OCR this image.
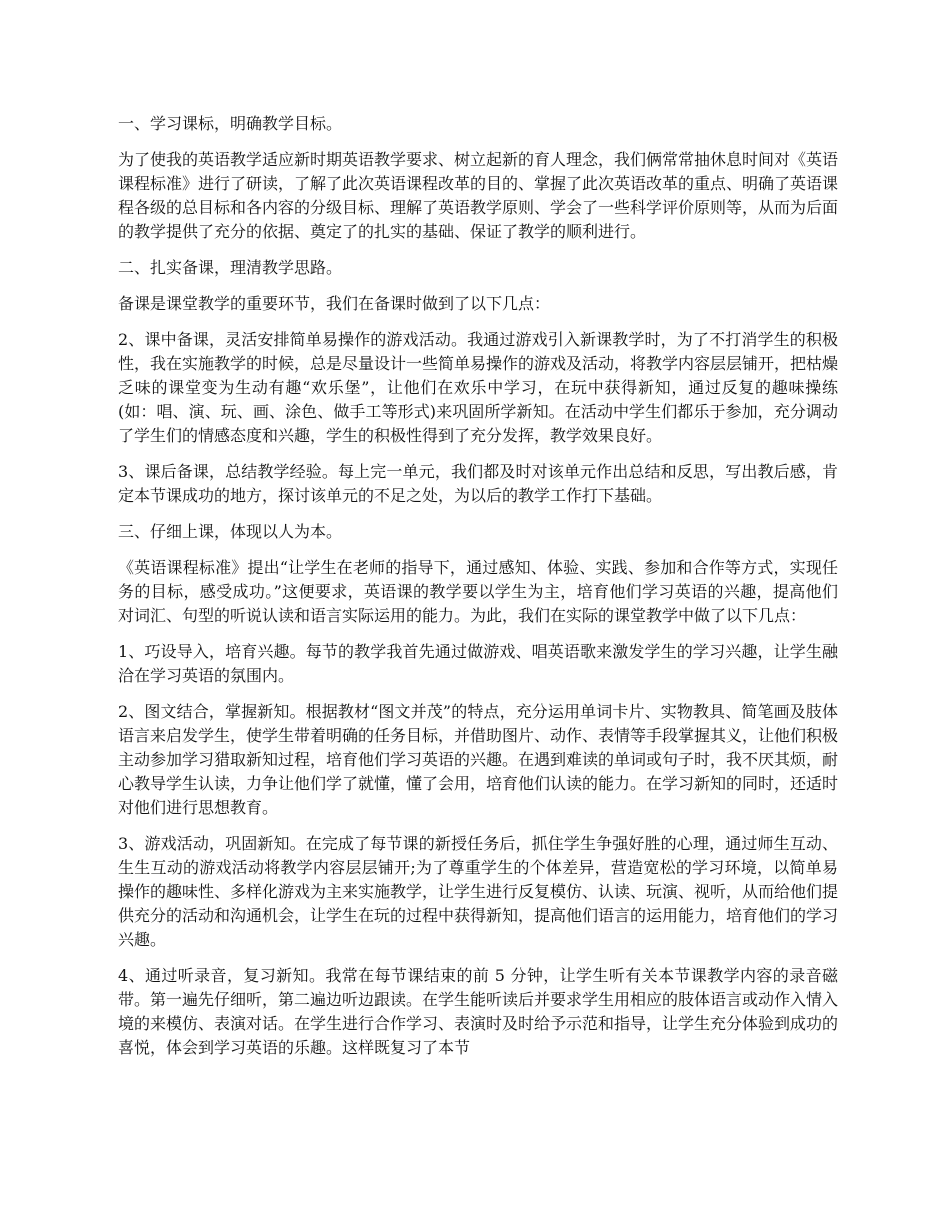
一、学习课标，明确教学目标。

为了使我的英语教学适应新时期英语教学要求、树立起新的育人理念，我们俩常常抽休息时间对《英语课程标准》进行了研读，了解了此次英语课程改革的目的、掌握了此次英语改革的重点、明确了英语课程各级的总目标和各内容的分级目标、理解了英语教学原则、学会了一些科学评价原则等，从而为后面的教学提供了充分的依据、奠定了的扎实的基础、保证了教学的顺利进行。

二、扎实备课，理清教学思路。

备课是课堂教学的重要环节，我们在备课时做到了以下几点：

2、课中备课，灵活安排简单易操作的游戏活动。我通过游戏引入新课教学时，为了不打消学生的积极性，我在实施教学的时候，总是尽量设计一些简单易操作的游戏及活动，将教学内容层层铺开，把枯燥乏味的课堂变为生动有趣“欢乐堡”，让他们在欢乐中学习，在玩中获得新知，通过反复的趣味操练(如：唱、演、玩、画、涂色、做手工等形式)来巩固所学新知。在活动中学生们都乐于参加，充分调动了学生们的情感态度和兴趣，学生的积极性得到了充分发挥，教学效果良好。

3、课后备课，总结教学经验。每上完一单元，我们都及时对该单元作出总结和反思，写出教后感，肯定本节课成功的地方，探讨该单元的不足之处，为以后的教学工作打下基础。

三、仔细上课，体现以人为本。

《英语课程标准》提出“让学生在老师的指导下，通过感知、体验、实践、参加和合作等方式，实现任务的目标，感受成功。”这便要求，英语课的教学要以学生为主，培育他们学习英语的兴趣，提高他们对词汇、句型的听说认读和语言实际运用的能力。为此，我们在实际的课堂教学中做了以下几点：

1、巧设导入，培育兴趣。每节的教学我首先通过做游戏、唱英语歌来激发学生的学习兴趣，让学生融洽在学习英语的氛围内。

2、图文结合，掌握新知。根据教材“图文并茂”的特点，充分运用单词卡片、实物教具、简笔画及肢体语言来启发学生，使学生带着明确的任务目标，并借助图片、动作、表情等手段掌握其义，让他们积极主动参加学习猎取新知过程，培育他们学习英语的兴趣。在遇到难读的单词或句子时，我不厌其烦，耐心教导学生认读，力争让他们学了就懂，懂了会用，培育他们认读的能力。在学习新知的同时，还适时对他们进行思想教育。

3、游戏活动，巩固新知。在完成了每节课的新授任务后，抓住学生争强好胜的心理，通过师生互动、生生互动的游戏活动将教学内容层层铺开;为了尊重学生的个体差异，营造宽松的学习环境，以简单易操作的趣味性、多样化游戏为主来实施教学，让学生进行反复模仿、认读、玩演、视听，从而给他们提供充分的活动和沟通机会，让学生在玩的过程中获得新知，提高他们语言的运用能力，培育他们的学习兴趣。

4、通过听录音，复习新知。我常在每节课结束的前 5 分钟，让学生听有关本节课教学内容的录音磁带。第一遍先仔细听，第二遍边听边跟读。在学生能听读后并要求学生用相应的肢体语言或动作入情入境的来模仿、表演对话。在学生进行合作学习、表演时及时给予示范和指导，让学生充分体验到成功的喜悦，体会到学习英语的乐趣。这样既复习了本节
